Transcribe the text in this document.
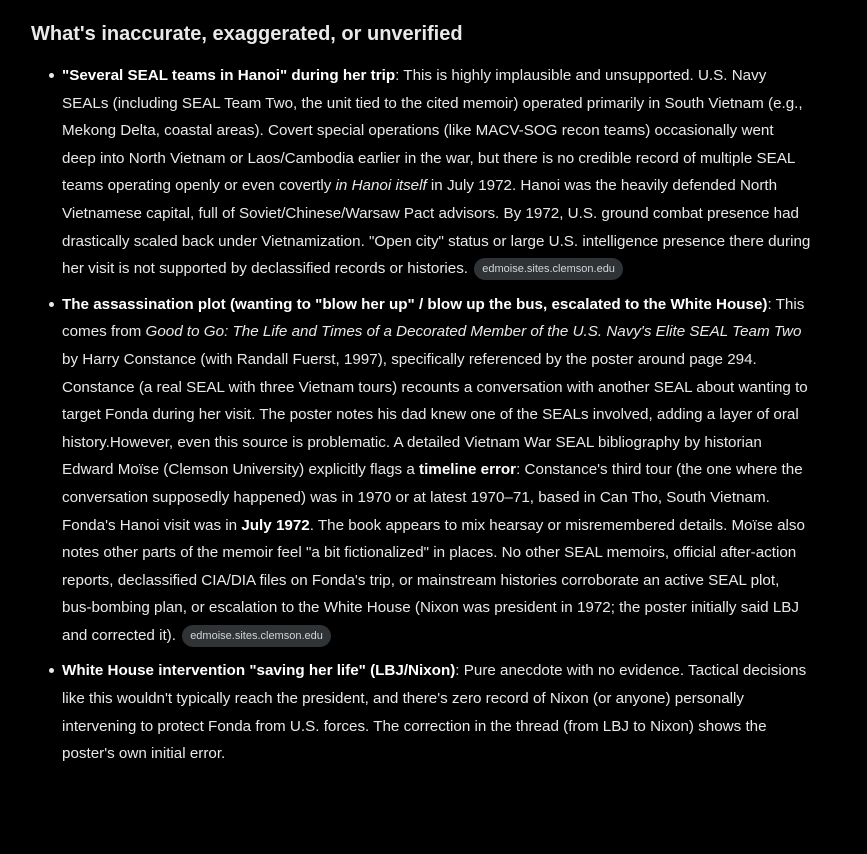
What's inaccurate, exaggerated, or unverified
"Several SEAL teams in Hanoi" during her trip: This is highly implausible and unsupported. U.S. Navy SEALs (including SEAL Team Two, the unit tied to the cited memoir) operated primarily in South Vietnam (e.g., Mekong Delta, coastal areas). Covert special operations (like MACV-SOG recon teams) occasionally went deep into North Vietnam or Laos/Cambodia earlier in the war, but there is no credible record of multiple SEAL teams operating openly or even covertly in Hanoi itself in July 1972. Hanoi was the heavily defended North Vietnamese capital, full of Soviet/Chinese/Warsaw Pact advisors. By 1972, U.S. ground combat presence had drastically scaled back under Vietnamization. "Open city" status or large U.S. intelligence presence there during her visit is not supported by declassified records or histories. edmoise.sites.clemson.edu
The assassination plot (wanting to "blow her up" / blow up the bus, escalated to the White House): This comes from Good to Go: The Life and Times of a Decorated Member of the U.S. Navy's Elite SEAL Team Two by Harry Constance (with Randall Fuerst, 1997), specifically referenced by the poster around page 294. Constance (a real SEAL with three Vietnam tours) recounts a conversation with another SEAL about wanting to target Fonda during her visit. The poster notes his dad knew one of the SEALs involved, adding a layer of oral history.However, even this source is problematic. A detailed Vietnam War SEAL bibliography by historian Edward Moïse (Clemson University) explicitly flags a timeline error: Constance's third tour (the one where the conversation supposedly happened) was in 1970 or at latest 1970–71, based in Can Tho, South Vietnam. Fonda's Hanoi visit was in July 1972. The book appears to mix hearsay or misremembered details. Moïse also notes other parts of the memoir feel "a bit fictionalized" in places. No other SEAL memoirs, official after-action reports, declassified CIA/DIA files on Fonda's trip, or mainstream histories corroborate an active SEAL plot, bus-bombing plan, or escalation to the White House (Nixon was president in 1972; the poster initially said LBJ and corrected it). edmoise.sites.clemson.edu
White House intervention "saving her life" (LBJ/Nixon): Pure anecdote with no evidence. Tactical decisions like this wouldn't typically reach the president, and there's zero record of Nixon (or anyone) personally intervening to protect Fonda from U.S. forces. The correction in the thread (from LBJ to Nixon) shows the poster's own initial error.
